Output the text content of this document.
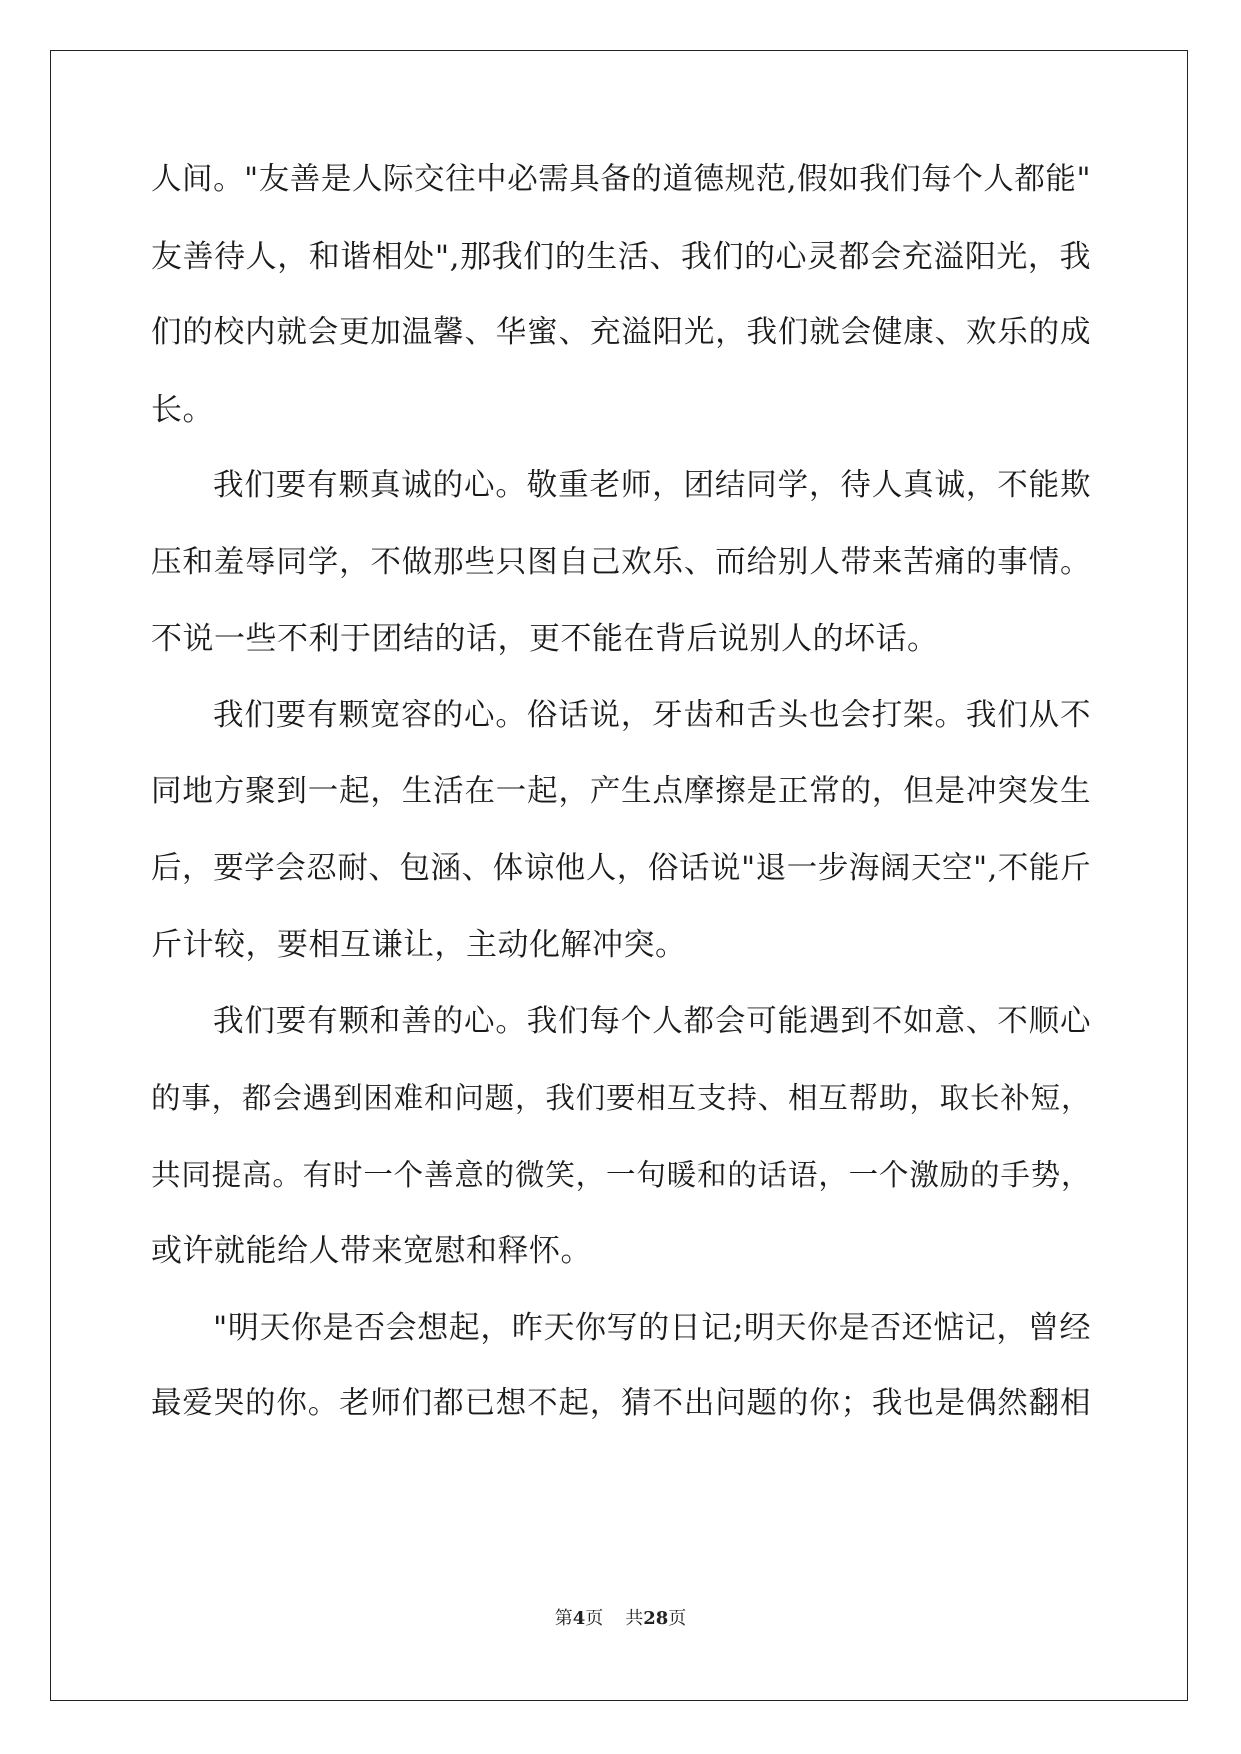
人间。"友善是人际交往中必需具备的道德规范,假如我们每个人都能"
友善待人，和谐相处",那我们的生活、我们的心灵都会充溢阳光，我
们的校内就会更加温馨、华蜜、充溢阳光，我们就会健康、欢乐的成
长。
我们要有颗真诚的心。敬重老师，团结同学，待人真诚，不能欺
压和羞辱同学，不做那些只图自己欢乐、而给别人带来苦痛的事情。
不说一些不利于团结的话，更不能在背后说别人的坏话。
我们要有颗宽容的心。俗话说，牙齿和舌头也会打架。我们从不
同地方聚到一起，生活在一起，产生点摩擦是正常的，但是冲突发生
后，要学会忍耐、包涵、体谅他人，俗话说"退一步海阔天空",不能斤
斤计较，要相互谦让，主动化解冲突。
我们要有颗和善的心。我们每个人都会可能遇到不如意、不顺心
的事，都会遇到困难和问题，我们要相互支持、相互帮助，取长补短，
共同提高。有时一个善意的微笑，一句暖和的话语，一个激励的手势，
或许就能给人带来宽慰和释怀。
"明天你是否会想起，昨天你写的日记;明天你是否还惦记，曾经
最爱哭的你。老师们都已想不起，猜不出问题的你；我也是偶然翻相
第4页 共28页
